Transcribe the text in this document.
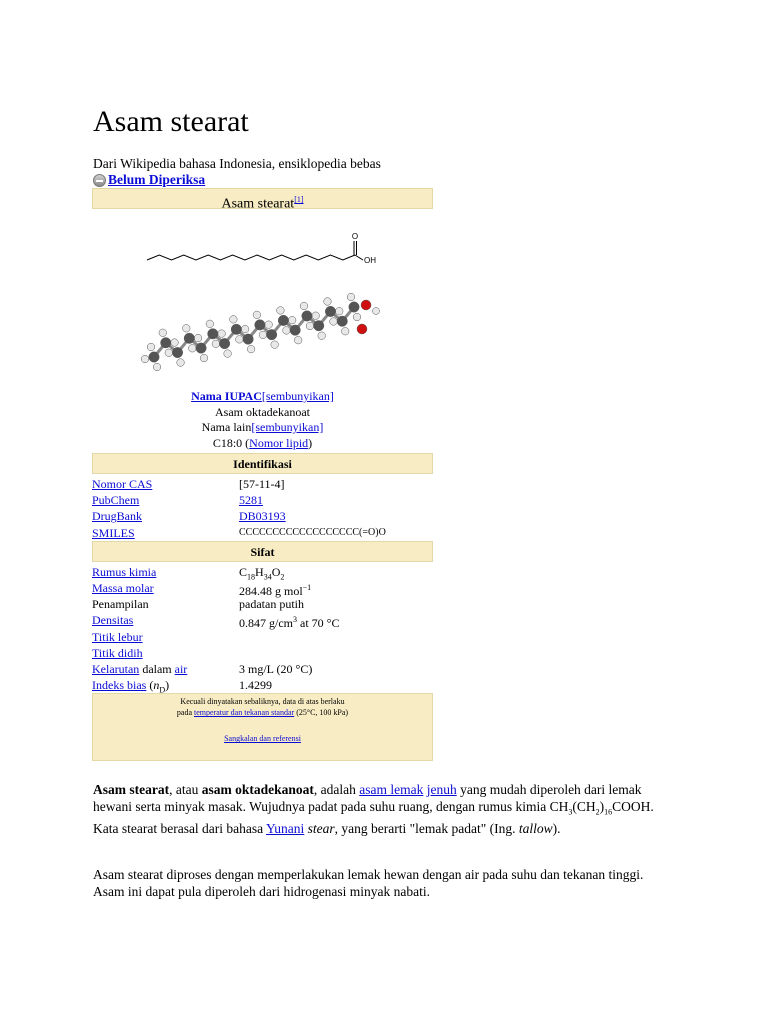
Asam stearat
Dari Wikipedia bahasa Indonesia, ensiklopedia bebas
Belum Diperiksa
Asam stearat[1]
O
OH
Nama IUPAC[sembunyikan]
Asam oktadekanoat
Nama lain[sembunyikan]
C18:0 (Nomor lipid)
Identifikasi
Nomor CAS	[57-11-4]
PubChem	5281
DrugBank	DB03193
SMILES	CCCCCCCCCCCCCCCCCC(=O)O
Sifat
Rumus kimia	$C_{18}H_{34}O_2$
Massa molar	284.48 g mol$^{-1}$
Penampilan	padatan putih
Densitas	0.847 $g/cm^3$ at 70 °C
Titik lebur
Titik didih
Kelarutan dalam air	3 mg/L (20 °C)
Indeks bias $(n_D)$	1.4299
Kecuali dinyatakan sebaliknya, data di atas berlaku
pada temperatur dan tekanan standar (25°C, 100 kPa)
Sangkalan dan referensi
Asam stearat, atau asam oktadekanoat, adalah asam lemak jenuh yang mudah diperoleh dari lemak hewani serta minyak masak. Wujudnya padat pada suhu ruang, dengan rumus kimia $CH_3(CH_2)_{16}COOH$. Kata stearat berasal dari bahasa Yunani stear, yang berarti "lemak padat" (Ing. tallow).
Asam stearat diproses dengan memperlakukan lemak hewan dengan air pada suhu dan tekanan tinggi. Asam ini dapat pula diperoleh dari hidrogenasi minyak nabati.
